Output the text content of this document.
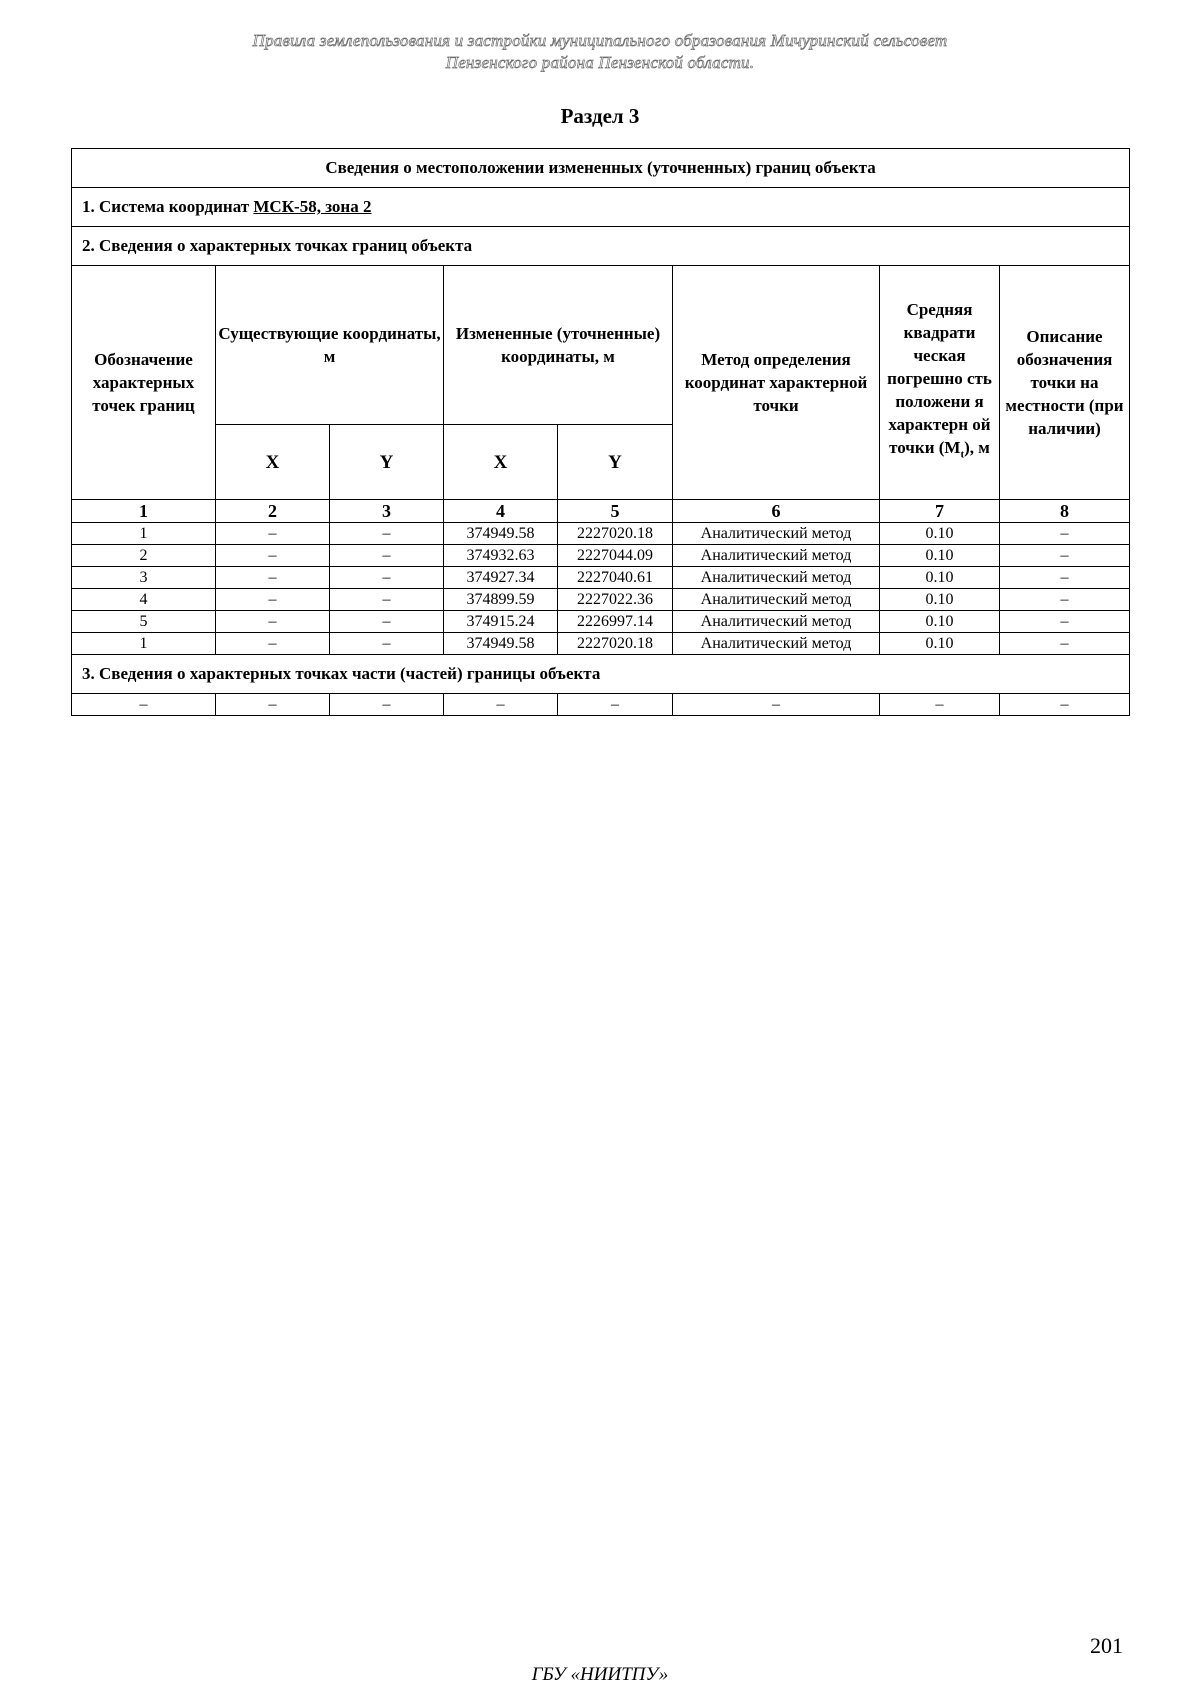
Правила землепользования и застройки муниципального образования Мичуринский сельсовет
Пензенского района Пензенской области.
Раздел 3
Сведения о местоположении измененных (уточненных) границ объекта							
1. Система координат МСК-58, зона 2							
2. Сведения о характерных точках границ объекта							
Обозначение характерных точек границ	Существующие координаты, м		Измененные (уточненные) координаты, м		Метод определения координат характерной точки	Средняя квадрати ческая погрешно сть положени я характерн ой точки $(М_t)$, м	Описание обозначения точки на местности (при наличии)
	X	Y	X	Y			
1	2	3	4	5	6	7	8
1	–	–	374949.58	2227020.18	Аналитический метод	0.10	–
2	–	–	374932.63	2227044.09	Аналитический метод	0.10	–
3	–	–	374927.34	2227040.61	Аналитический метод	0.10	–
4	–	–	374899.59	2227022.36	Аналитический метод	0.10	–
5	–	–	374915.24	2226997.14	Аналитический метод	0.10	–
1	–	–	374949.58	2227020.18	Аналитический метод	0.10	–
3. Сведения о характерных точках части (частей) границы объекта							
–	–	–	–	–	–	–	–
201
ГБУ «НИИТПУ»
